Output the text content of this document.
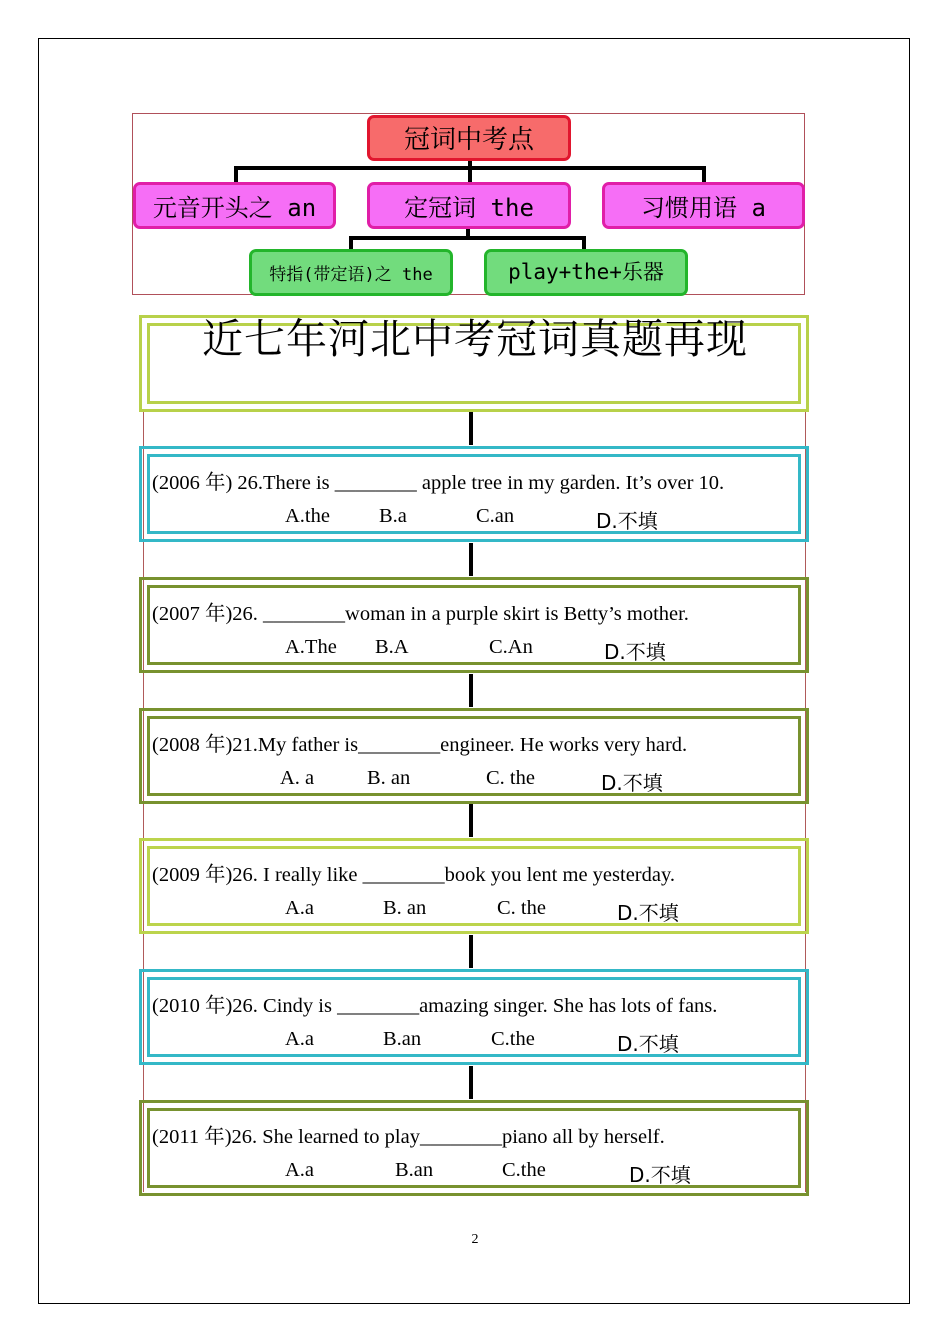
冠词中考点
元音开头之 an	定冠词 the	习惯用语 a
特指(带定语)之 the	play+the+乐器
近七年河北中考冠词真题再现
(2006 年) 26.There is ________ apple tree in my garden. It’s over 10.
A.the B.a	C.an	D.不填
(2007 年)26. ________woman in a purple skirt is Betty’s mother.
A.The B.A	C.An	D.不填
(2008 年)21.My father is________engineer. He works very hard.
A. a	B. an	C. the	D.不填
(2009 年)26. I really like ________book you lent me yesterday.
A.a	B. an	C. the	D.不填
(2010 年)26. Cindy is ________amazing singer. She has lots of fans.
A.a	B.an	C.the	D.不填
(2011 年)26. She learned to play________piano all by herself.
A.a	B.an	C.the	D.不填
2
